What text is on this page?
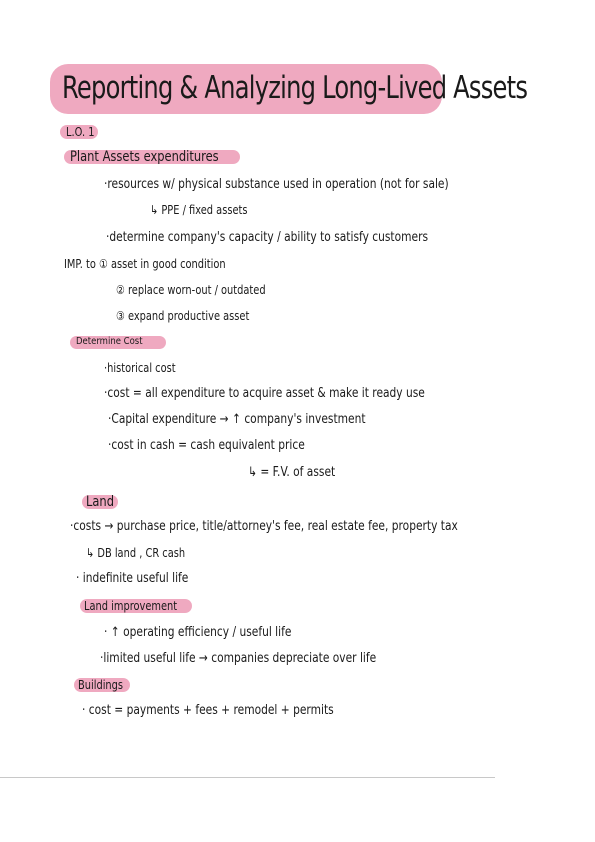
Reporting & Analyzing Long-Lived Assets
L.O. 1
Plant Assets expenditures
·resources w/ physical substance used in operation (not for sale)
↳ PPE / fixed assets
·determine company's capacity / ability to satisfy customers
IMP. to ① asset in good condition
② replace worn-out / outdated
③ expand productive asset
Determine Cost
·historical cost
·cost = all expenditure to acquire asset & make it ready use
·Capital expenditure → ↑ company's investment
·cost in cash = cash equivalent price
↳ = F.V. of asset
Land
·costs → purchase price, title/attorney's fee, real estate fee, property tax
↳ DB land , CR cash
· indefinite useful life
Land improvement
· ↑ operating efficiency / useful life
·limited useful life → companies depreciate over life
Buildings
· cost = payments + fees + remodel + permits
